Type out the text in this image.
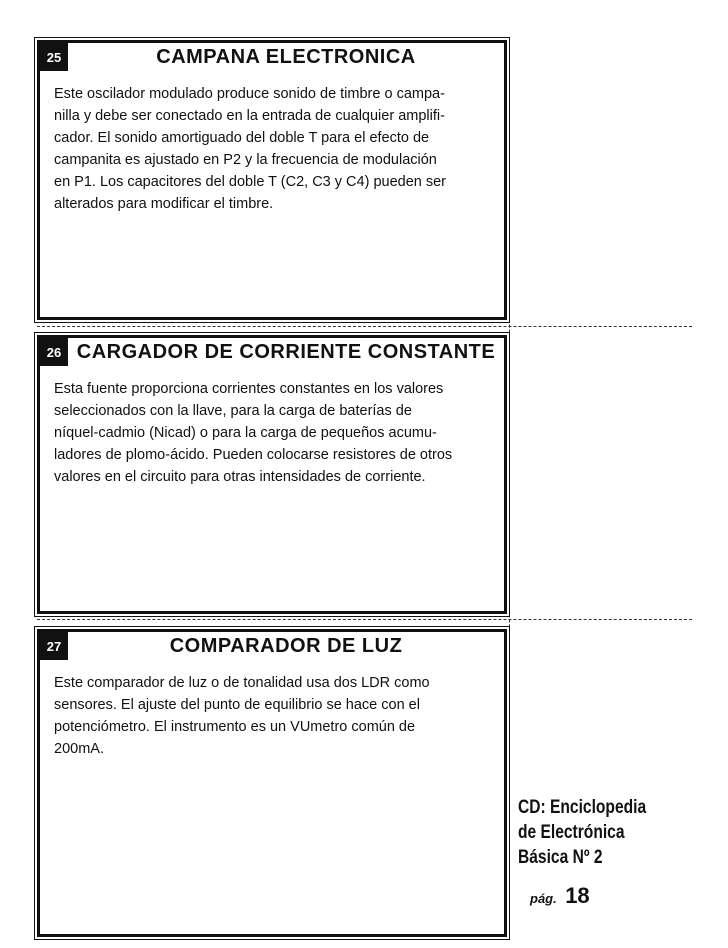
25	CAMPANA ELECTRONICA
Este oscilador modulado produce sonido de timbre o campa-
nilla y debe ser conectado en la entrada de cualquier amplifi-
cador. El sonido amortiguado del doble T para el efecto de
campanita es ajustado en P2 y la frecuencia de modulación
en P1. Los capacitores del doble T (C2, C3 y C4) pueden ser
alterados para modificar el timbre.
26 CARGADOR DE CORRIENTE CONSTANTE
Esta fuente proporciona corrientes constantes en los valores
seleccionados con la llave, para la carga de baterías de
níquel-cadmio (Nicad) o para la carga de pequeños acumu-
ladores de plomo-ácido. Pueden colocarse resistores de otros
valores en el circuito para otras intensidades de corriente.
27	COMPARADOR DE LUZ
Este comparador de luz o de tonalidad usa dos LDR como
sensores. El ajuste del punto de equilibrio se hace con el
potenciómetro. El instrumento es un VUmetro común de
200mA.
CD: Enciclopedia
de Electrónica
Básica Nº 2
pág. 18
